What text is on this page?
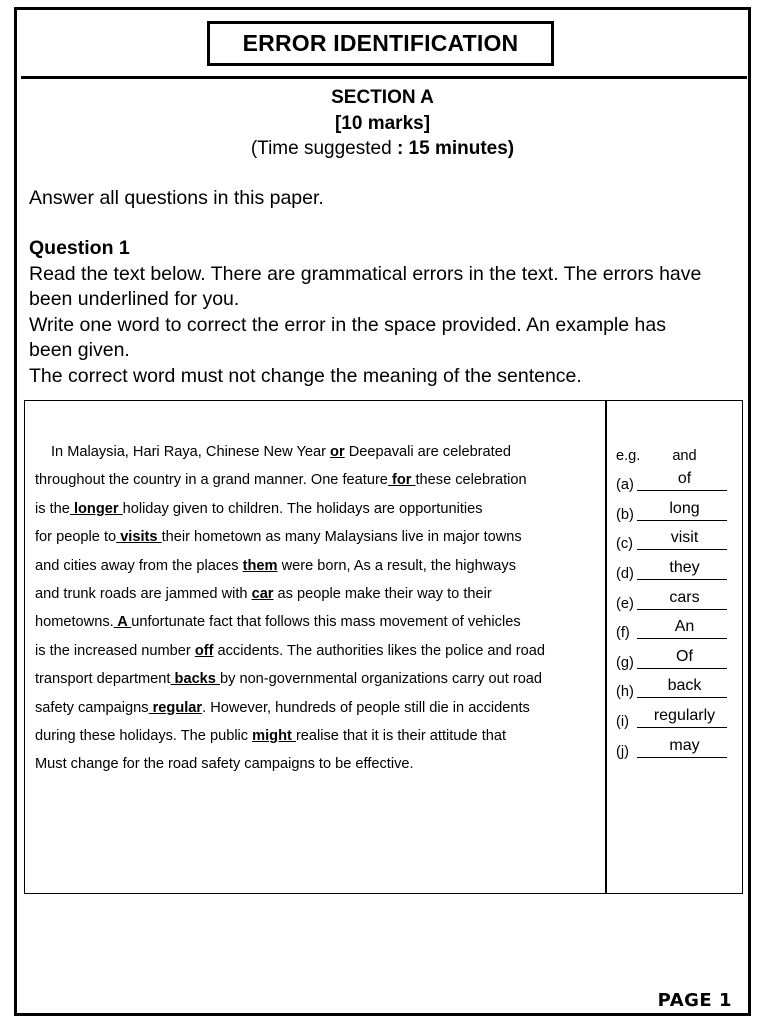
ERROR IDENTIFICATION
SECTION A
[10 marks]
(Time suggested : 15 minutes)
Answer all questions in this paper.
Question 1
Read the text below. There are grammatical errors in the text. The errors have
been underlined for you.
Write one word to correct the error in the space provided. An example has
been given.
The correct word must not change the meaning of the sentence.
In Malaysia, Hari Raya, Chinese New Year or Deepavali are celebrated
throughout the country in a grand manner. One feature for these celebration
is the longer holiday given to children. The holidays are opportunities
for people to visits their hometown as many Malaysians live in major towns
and cities away from the places them were born, As a result, the highways
and trunk roads are jammed with car as people make their way to their
hometowns. A unfortunate fact that follows this mass movement of vehicles
is the increased number off accidents. The authorities likes the police and road
transport department backs by non-governmental organizations carry out road
safety campaigns regular. However, hundreds of people still die in accidents
during these holidays. The public might realise that it is their attitude that
Must change for the road safety campaigns to be effective.
e.g.	and
(a)	of
(b)	long
(c)	visit
(d)	they
(e)	cars
(f)	An
(g)	Of
(h)	back
(i)	regularly
(j)	may
PAGE 1
